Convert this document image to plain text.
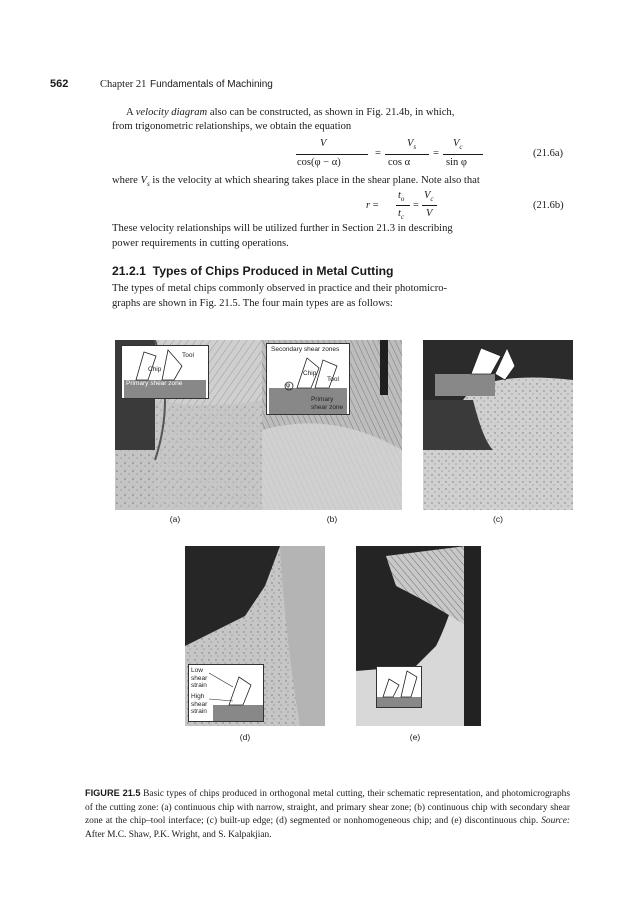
562	Chapter 21 Fundamentals of Machining
A velocity diagram also can be constructed, as shown in Fig. 21.4b, in which,
from trigonometric relationships, we obtain the equation
V	$V_s$	$V_c$
=	=
cos(φ − α)	cos α	sin φ
(21.6a)
where $V_s$ is the velocity at which shearing takes place in the shear plane. Note also that
r =
$t_o$
$t_c$
=
$V_c$
V
(21.6b)
These velocity relationships will be utilized further in Section 21.3 in describing
power requirements in cutting operations.
21.2.1 Types of Chips Produced in Metal Cutting
The types of metal chips commonly observed in practice and their photomicro-
graphs are shown in Fig. 21.5. The four main types are as follows:
Tool
Chip
Primary shear zone
Secondary shear zones
Chip
Tool
φ
Primary
shear zone
(a)	(b)	(c)
Low
shear
strain
High
shear
strain
(d)	(e)
FIGURE 21.5 Basic types of chips produced in orthogonal metal cutting, their schematic representation, and photomicrographs of the cutting zone: (a) continuous chip with narrow, straight, and primary shear zone; (b) continuous chip with secondary shear zone at the chip–tool interface; (c) built-up edge; (d) segmented or nonhomogeneous chip; and (e) discontinuous chip. Source: After M.C. Shaw, P.K. Wright, and S. Kalpakjian.
